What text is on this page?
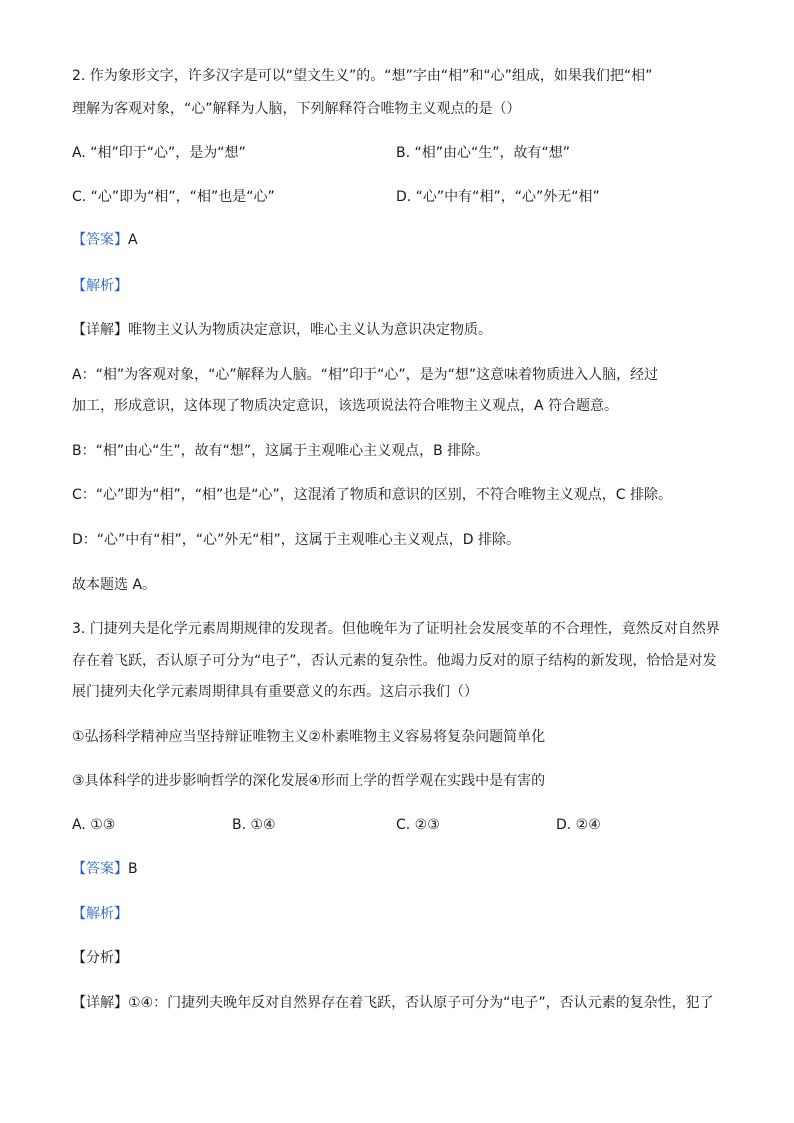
2. 作为象形文字，许多汉字是可以“望文生义”的。“想”字由“相”和“心”组成，如果我们把“相”
理解为客观对象，“心”解释为人脑，下列解释符合唯物主义观点的是（）
A. “相”印于“心”，是为“想”	B. “相”由心“生”，故有“想”
C. “心”即为“相”，“相”也是“心”	D. “心”中有“相”，“心”外无“相”
【答案】A
【解析】
【详解】唯物主义认为物质决定意识，唯心主义认为意识决定物质。
A：“相”为客观对象，“心”解释为人脑。“相”印于“心”，是为“想”这意味着物质进入人脑，经过
加工，形成意识，这体现了物质决定意识，该选项说法符合唯物主义观点，A 符合题意。
B：“相”由心“生”，故有“想”，这属于主观唯心主义观点，B 排除。
C：“心”即为“相”，“相”也是“心”，这混淆了物质和意识的区别，不符合唯物主义观点，C 排除。
D：“心”中有“相”，“心”外无“相”，这属于主观唯心主义观点，D 排除。
故本题选 A。
3. 门捷列夫是化学元素周期规律的发现者。但他晚年为了证明社会发展变革的不合理性，竟然反对自然界
存在着飞跃，否认原子可分为“电子”，否认元素的复杂性。他竭力反对的原子结构的新发现，恰恰是对发
展门捷列夫化学元素周期律具有重要意义的东西。这启示我们（）
①弘扬科学精神应当坚持辩证唯物主义②朴素唯物主义容易将复杂问题简单化
③具体科学的进步影响哲学的深化发展④形而上学的哲学观在实践中是有害的
A. ①③	B. ①④	C. ②③	D. ②④
【答案】B
【解析】
【分析】
【详解】①④：门捷列夫晚年反对自然界存在着飞跃，否认原子可分为“电子”，否认元素的复杂性，犯了
